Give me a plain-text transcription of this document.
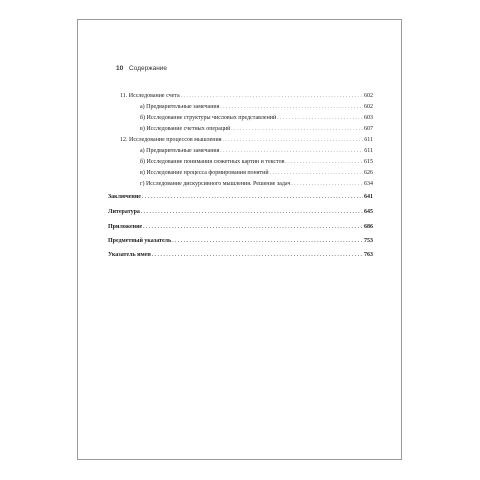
10 Содержание
11. Исследование счета . . .	602
а) Предварительные замечания . . .	602
б) Исследование структуры числовых представлений . . .	603
в) Исследование счетных операций . . .	607
12. Исследование процессов мышления . . .	611
а) Предварительные замечания . . .	611
б) Исследование понимания сюжетных картин и текстов . . .	615
в) Исследование процесса формирования понятий . . .	626
г) Исследование дискурсивного мышления. Решение задач . . .	634
Заключение . . .	641
Литература . . .	645
Приложение . . .	686
Предметный указатель . . .	753
Указатель имен . . .	763
